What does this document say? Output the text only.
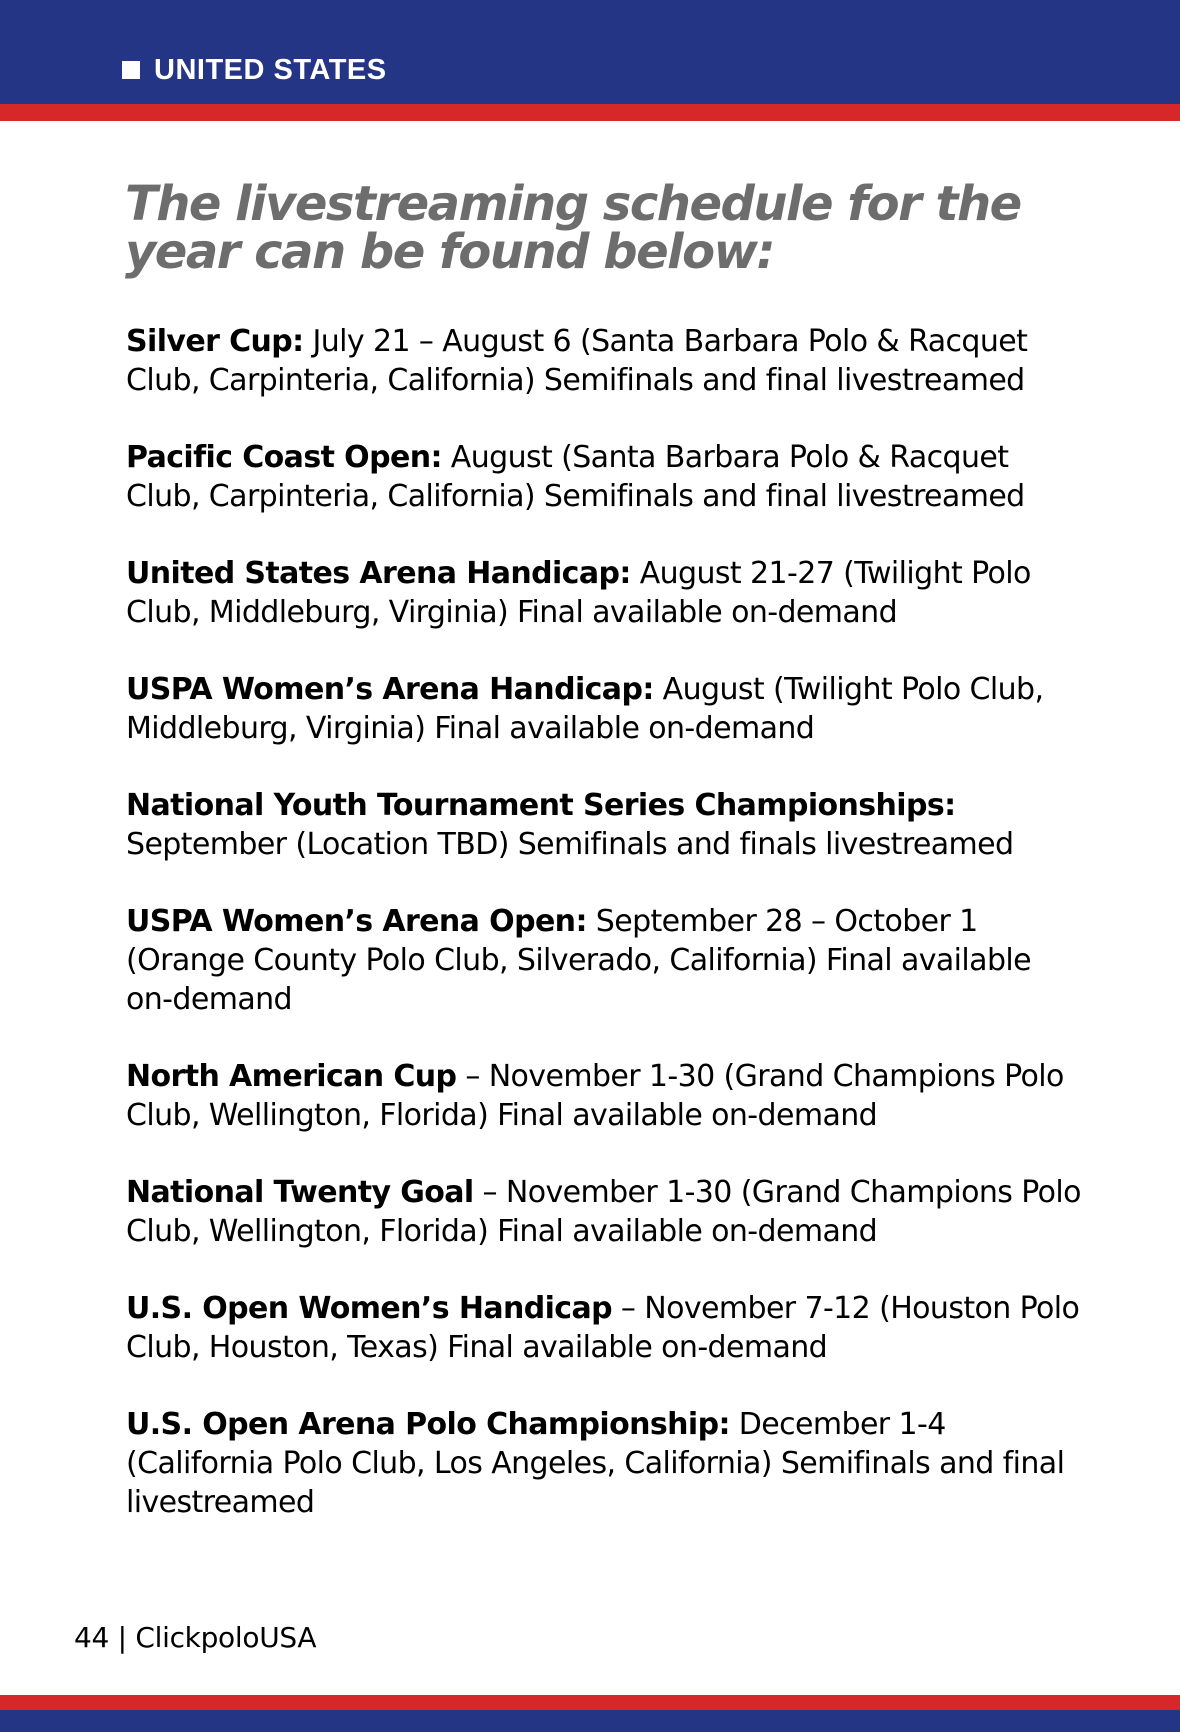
UNITED STATES
The livestreaming schedule for the year can be found below:
Silver Cup: July 21 – August 6 (Santa Barbara Polo & Racquet Club, Carpinteria, California) Semifinals and final livestreamed
Pacific Coast Open: August (Santa Barbara Polo & Racquet Club, Carpinteria, California) Semifinals and final livestreamed
United States Arena Handicap: August 21-27 (Twilight Polo Club, Middleburg, Virginia) Final available on-demand
USPA Women’s Arena Handicap: August (Twilight Polo Club, Middleburg, Virginia) Final available on-demand
National Youth Tournament Series Championships: September (Location TBD) Semifinals and finals livestreamed
USPA Women’s Arena Open: September 28 – October 1 (Orange County Polo Club, Silverado, California) Final available on-demand
North American Cup – November 1-30 (Grand Champions Polo Club, Wellington, Florida) Final available on-demand
National Twenty Goal – November 1-30 (Grand Champions Polo Club, Wellington, Florida) Final available on-demand
U.S. Open Women’s Handicap – November 7-12 (Houston Polo Club, Houston, Texas) Final available on-demand
U.S. Open Arena Polo Championship: December 1-4 (California Polo Club, Los Angeles, California) Semifinals and final livestreamed
44 | ClickpoloUSA
